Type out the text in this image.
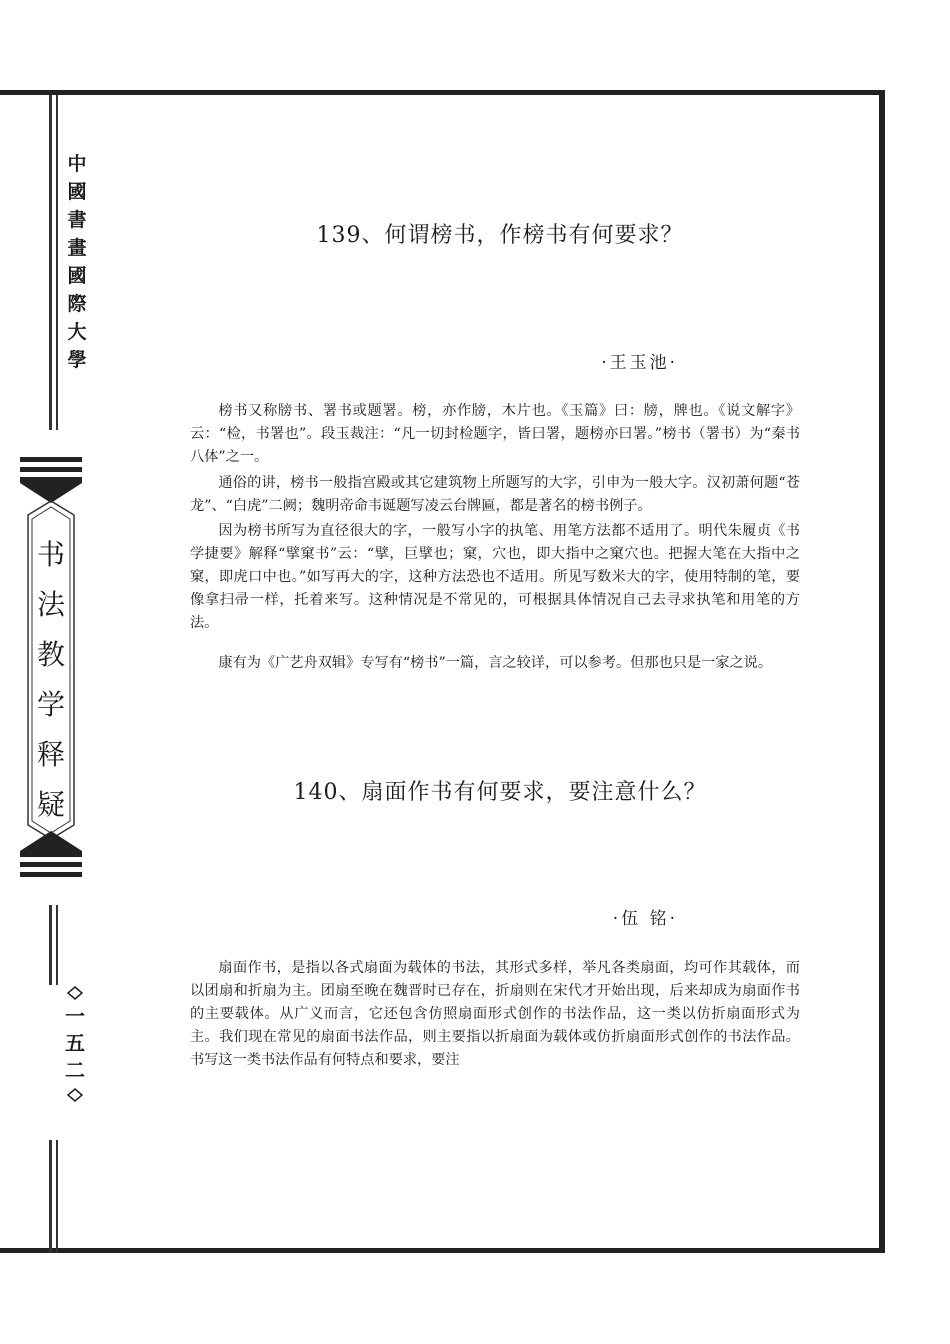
中
國
書
畫
國
際
大
學
书
法
教
学
释
疑
一
五
二
139、何谓榜书，作榜书有何要求？
·王玉池·

榜书又称牓书、署书或题署。榜，亦作牓，木片也。《玉篇》曰：牓，牌也。《说文解字》云：“检，书署也”。段玉裁注：“凡一切封检题字，皆曰署，题榜亦曰署。”榜书（署书）为“秦书八体”之一。

通俗的讲，榜书一般指宫殿或其它建筑物上所题写的大字，引申为一般大字。汉初萧何题“苍龙”、“白虎”二阙；魏明帝命韦诞题写凌云台牌匾，都是著名的榜书例子。

因为榜书所写为直径很大的字，一般写小字的执笔、用笔方法都不适用了。明代朱履贞《书学捷要》解释“擘窠书”云：“擘，巨擘也；窠，穴也，即大指中之窠穴也。把握大笔在大指中之窠，即虎口中也。”如写再大的字，这种方法恐也不适用。所见写数米大的字，使用特制的笔，要像拿扫帚一样，托着来写。这种情况是不常见的，可根据具体情况自己去寻求执笔和用笔的方法。

康有为《广艺舟双辑》专写有“榜书”一篇，言之较详，可以参考。但那也只是一家之说。

140、扇面作书有何要求，要注意什么？
·伍 铭·

扇面作书，是指以各式扇面为载体的书法，其形式多样，举凡各类扇面，均可作其载体，而以团扇和折扇为主。团扇至晚在魏晋时已存在，折扇则在宋代才开始出现，后来却成为扇面作书的主要载体。从广义而言，它还包含仿照扇面形式创作的书法作品，这一类以仿折扇面形式为主。我们现在常见的扇面书法作品，则主要指以折扇面为载体或仿折扇面形式创作的书法作品。书写这一类书法作品有何特点和要求，要注
